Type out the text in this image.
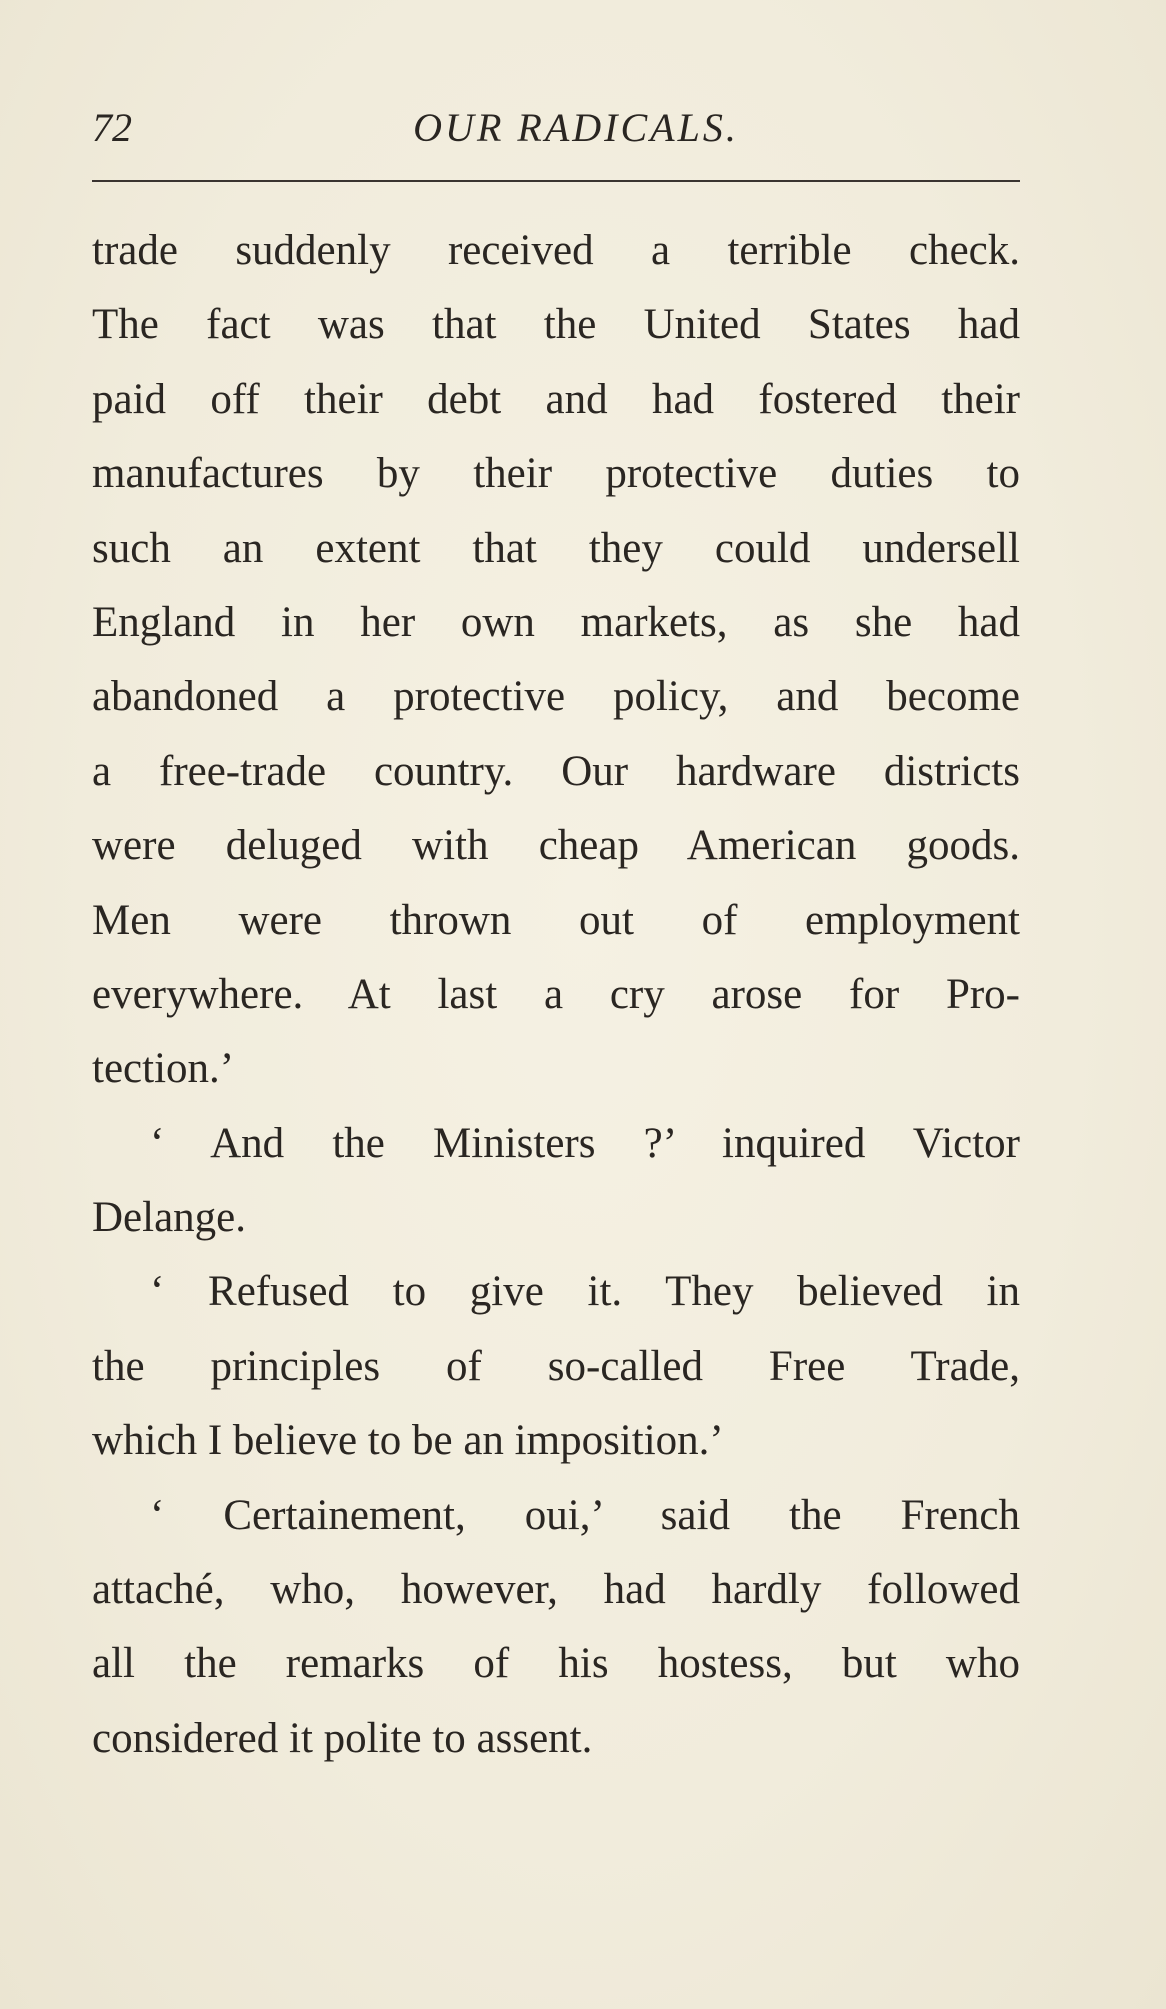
72	OUR RADICALS.
trade suddenly received a terrible check.
The fact was that the United States had
paid off their debt and had fostered their
manufactures by their protective duties to
such an extent that they could undersell
England in her own markets, as she had
abandoned a protective policy, and become
a free-trade country. Our hardware districts
were deluged with cheap American goods.
Men were thrown out of employment
everywhere. At last a cry arose for Pro-
tection.’
‘ And the Ministers ?’ inquired Victor
Delange.
‘ Refused to give it. They believed in
the principles of so-called Free Trade,
which I believe to be an imposition.’
‘ Certainement, oui,’ said the French
attaché, who, however, had hardly followed
all the remarks of his hostess, but who
considered it polite to assent.
